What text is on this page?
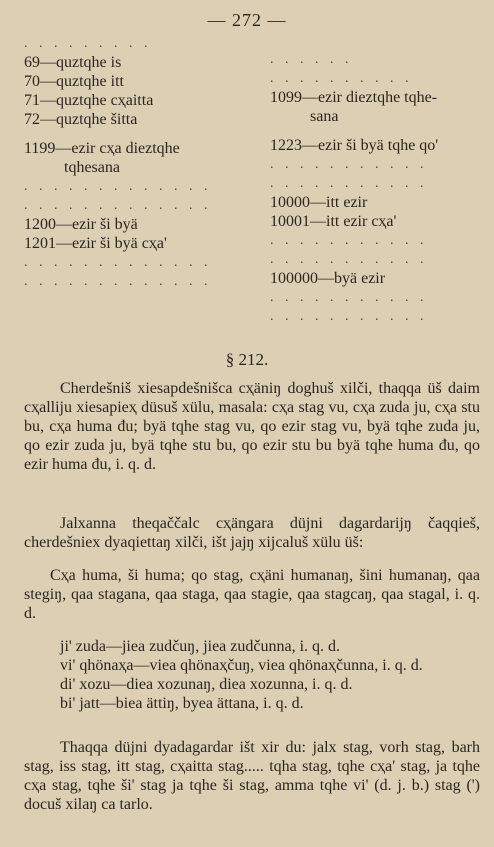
— 272 —
. . . . . . . . .
69—quztqhe is
70—quztqhe itt
71—quztqhe cҳaitta
72—quztqhe šitta
1199—ezir cҳa dieztqhe
tqhesana
. . . . . . . . . . . . .
. . . . . . . . . . . . .
1200—ezir ši byä
1201—ezir ši byä cҳa'
. . . . . . . . . . . . .
. . . . . . . . . . . . .
. . . . . .
. . . . . . . . . .
1099—ezir dieztqhe tqhe-
sana
1223—ezir ši byä tqhe qo'
. . . . . . . . . . .
. . . . . . . . . . .
10000—itt ezir
10001—itt ezir cҳa'
. . . . . . . . . . .
. . . . . . . . . . .
100000—byä ezir
. . . . . . . . . . .
. . . . . . . . . . .
§ 212.
Cherdešniš xiesapdešnišca cҳäniŋ doghuš xilči, thaqqa üš daim cҳalliju xiesapieҳ düsuš xülu, masala: cҳa stag vu, cҳa zuda ju, cҳa stu bu, cҳa huma đu; byä tqhe stag vu, qo ezir stag vu, byä tqhe zuda ju, qo ezir zuda ju, byä tqhe stu bu, qo ezir stu bu byä tqhe huma đu, qo ezir huma đu, i. q. d.
Jalxanna theqaččalc cҳängara düjni dagardarijŋ čaqqieš, cherdešniex dyaqiettaŋ xilči, išt jajŋ xijcaluš xülu üš:
Cҳa huma, ši huma; qo stag, cҳäni humanaŋ, šini humanaŋ, qaa stegiŋ, qaa stagana, qaa staga, qaa stagie, qaa stagcaŋ, qaa stagal, i. q. d.
ji' zuda—jiea zudčuŋ, jiea zudčunna, i. q. d.
vi' qhönaҳa—viea qhönaҳčuŋ, viea qhönaҳčunna, i. q. d.
di' xozu—diea xozunaŋ, diea xozunna, i. q. d.
bi' jatt—biea ättiŋ, byea ättana, i. q. d.
Thaqqa düjni dyadagardar išt xir du: jalx stag, vorh stag, barh stag, iss stag, itt stag, cҳaitta stag..... tqha stag, tqhe cҳa' stag, ja tqhe cҳa stag, tqhe ši' stag ja tqhe ši stag, amma tqhe vi' (d. j. b.) stag (') docuš xilaŋ ca tarlo.
